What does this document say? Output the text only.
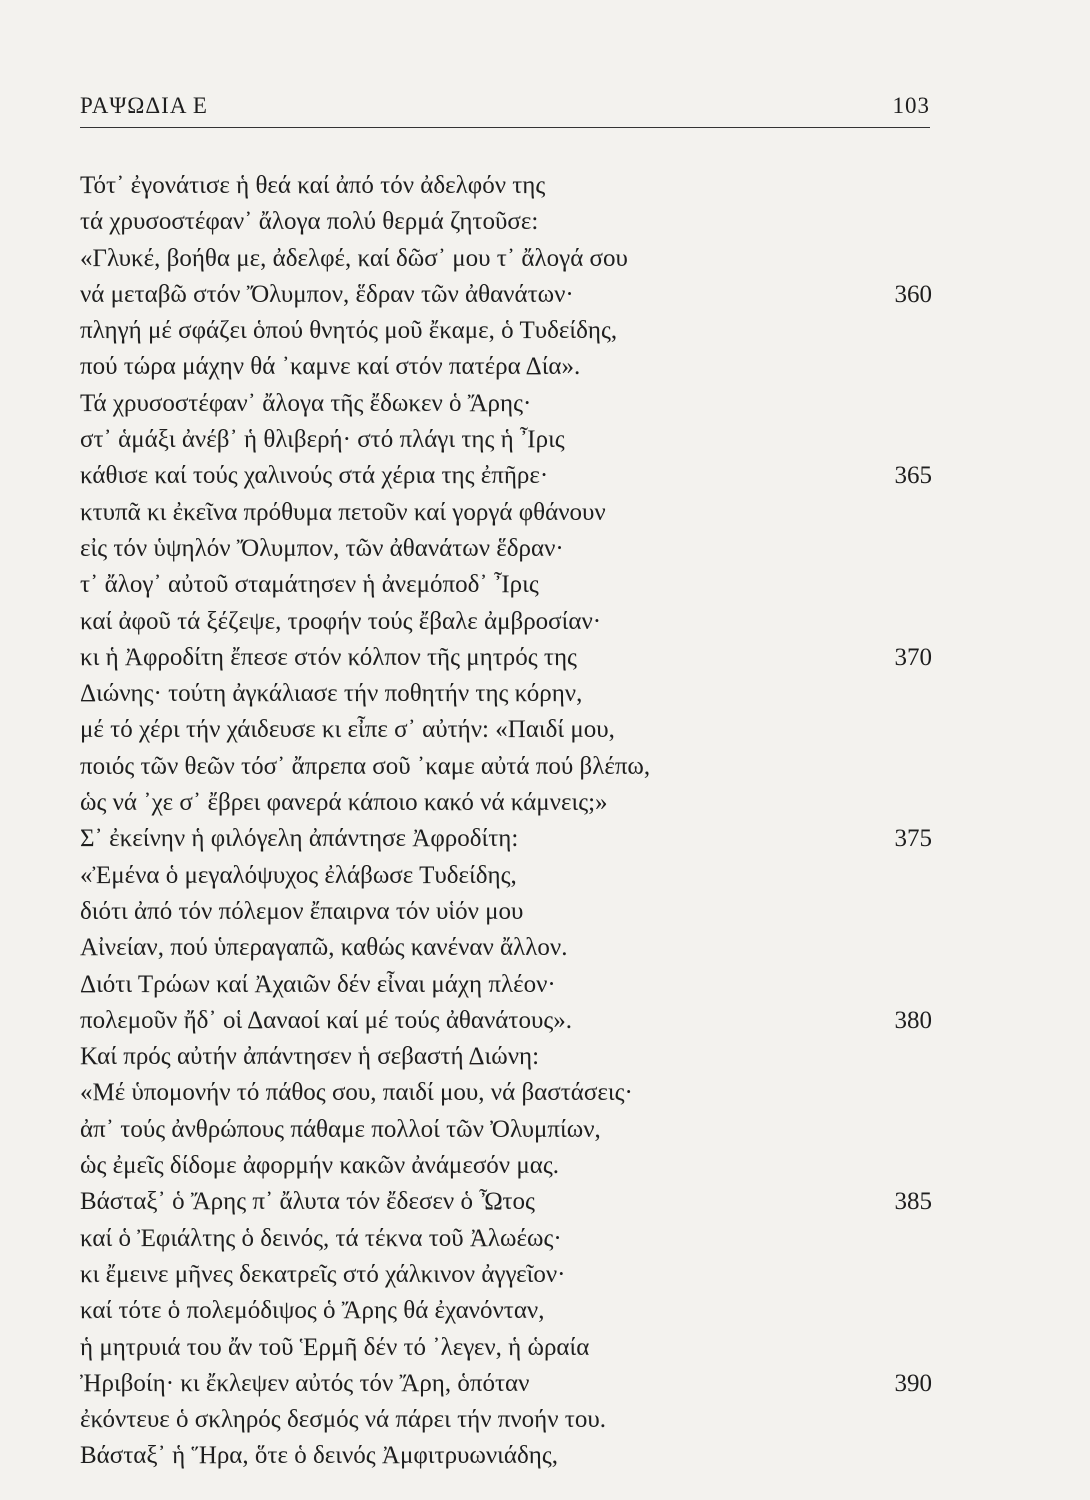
ΡΑΨΩΔΙΑ Ε	103
Τότ᾽ ἐγονάτισε ἡ θεά καί ἀπό τόν ἀδελφόν της
τά χρυσοστέφαν᾽ ἄλογα πολύ θερμά ζητοῦσε:
«Γλυκέ, βοήθα με, ἀδελφέ, καί δῶσ᾽ μου τ᾽ ἄλογά σου
νά μεταβῶ στόν Ὄλυμπον, ἕδραν τῶν ἀθανάτων·	360
πληγή μέ σφάζει ὁπού θνητός μοῦ ἔκαμε, ὁ Τυδείδης,
πού τώρα μάχην θά ᾽καμνε καί στόν πατέρα Δία».
Τά χρυσοστέφαν᾽ ἄλογα τῆς ἔδωκεν ὁ Ἄρης·
στ᾽ ἁμάξι ἀνέβ᾽ ἡ θλιβερή· στό πλάγι της ἡ Ἶρις
κάθισε καί τούς χαλινούς στά χέρια της ἐπῆρε·	365
κτυπᾶ κι ἐκεῖνα πρόθυμα πετοῦν καί γοργά φθάνουν
εἰς τόν ὑψηλόν Ὄλυμπον, τῶν ἀθανάτων ἕδραν·
τ᾽ ἄλογ᾽ αὐτοῦ σταμάτησεν ἡ ἀνεμόποδ᾽ Ἶρις
καί ἀφοῦ τά ξέζεψε, τροφήν τούς ἔβαλε ἀμβροσίαν·
κι ἡ Ἀφροδίτη ἔπεσε στόν κόλπον τῆς μητρός της	370
Διώνης· τούτη ἀγκάλιασε τήν ποθητήν της κόρην,
μέ τό χέρι τήν χάιδευσε κι εἶπε σ᾽ αὐτήν: «Παιδί μου,
ποιός τῶν θεῶν τόσ᾽ ἄπρεπα σοῦ ᾽καμε αὐτά πού βλέπω,
ὡς νά ᾽χε σ᾽ ἔβρει φανερά κάποιο κακό νά κάμνεις;»
Σ᾽ ἐκείνην ἡ φιλόγελη ἀπάντησε Ἀφροδίτη:	375
«Ἐμένα ὁ μεγαλόψυχος ἐλάβωσε Τυδείδης,
διότι ἀπό τόν πόλεμον ἔπαιρνα τόν υἱόν μου
Αἰνείαν, πού ὑπεραγαπῶ, καθώς κανέναν ἄλλον.
Διότι Τρώων καί Ἀχαιῶν δέν εἶναι μάχη πλέον·
πολεμοῦν ἤδ᾽ οἱ Δαναοί καί μέ τούς ἀθανάτους».	380
Καί πρός αὐτήν ἀπάντησεν ἡ σεβαστή Διώνη:
«Μέ ὑπομονήν τό πάθος σου, παιδί μου, νά βαστάσεις·
ἀπ᾽ τούς ἀνθρώπους πάθαμε πολλοί τῶν Ὀλυμπίων,
ὡς ἐμεῖς δίδομε ἀφορμήν κακῶν ἀνάμεσόν μας.
Βάσταξ᾽ ὁ Ἄρης π᾽ ἄλυτα τόν ἔδεσεν ὁ Ὦτος	385
καί ὁ Ἐφιάλτης ὁ δεινός, τά τέκνα τοῦ Ἀλωέως·
κι ἔμεινε μῆνες δεκατρεῖς στό χάλκινον ἀγγεῖον·
καί τότε ὁ πολεμόδιψος ὁ Ἄρης θά ἐχανόνταν,
ἡ μητρυιά του ἄν τοῦ Ἑρμῆ δέν τό ᾽λεγεν, ἡ ὡραία
Ἠριβοίη· κι ἔκλεψεν αὐτός τόν Ἄρη, ὁπόταν	390
ἐκόντευε ὁ σκληρός δεσμός νά πάρει τήν πνοήν του.
Βάσταξ᾽ ἡ Ἥρα, ὅτε ὁ δεινός Ἀμφιτρυωνιάδης,
